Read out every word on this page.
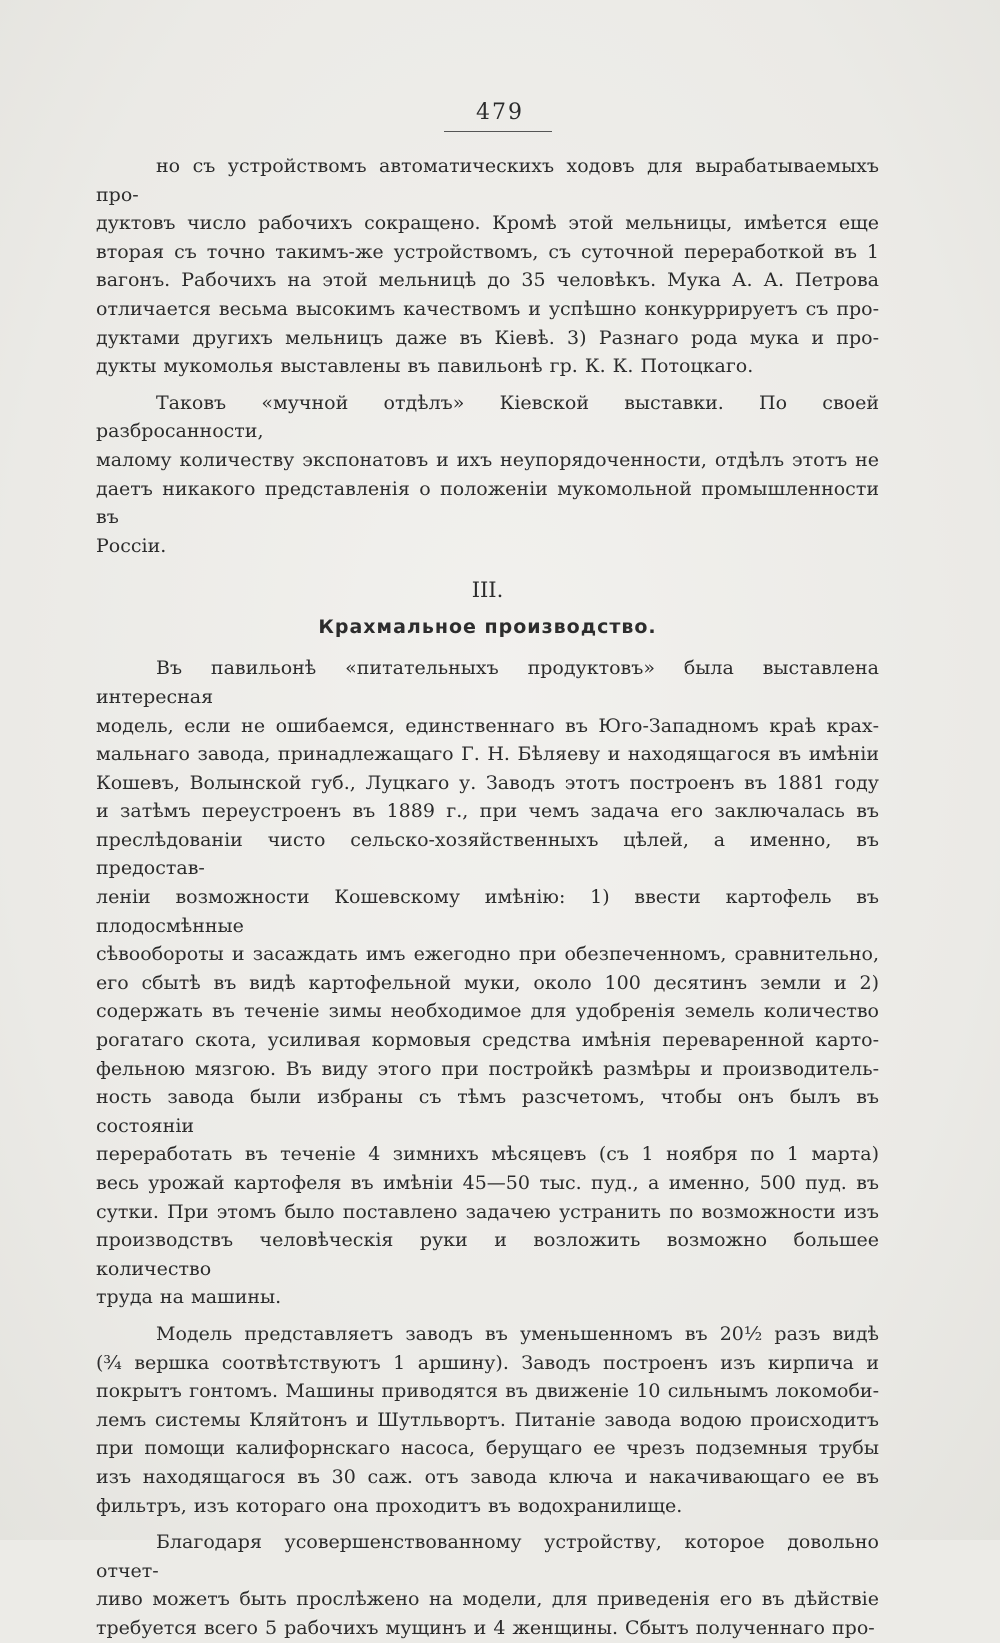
479

но съ устройствомъ автоматическихъ ходовъ для вырабатываемыхъ про-

дуктовъ число рабочихъ сокращено. Кромѣ этой мельницы, имѣется еще

вторая съ точно такимъ-же устройствомъ, съ суточной переработкой въ 1

вагонъ. Рабочихъ на этой мельницѣ до 35 человѣкъ. Мука А. А. Петрова

отличается весьма высокимъ качествомъ и успѣшно конкуррируетъ съ про-

дуктами другихъ мельницъ даже въ Кіевѣ. 3) Разнаго рода мука и про-

дукты мукомолья выставлены въ павильонѣ гр. К. К. Потоцкаго.

Таковъ «мучной отдѣлъ» Кіевской выставки. По своей разбросанности,

малому количеству экспонатовъ и ихъ неупорядоченности, отдѣлъ этотъ не

даетъ никакого представленія о положеніи мукомольной промышленности въ

Россіи.

III.
Крахмальное производство.

Въ павильонѣ «питательныхъ продуктовъ» была выставлена интересная

модель, если не ошибаемся, единственнаго въ Юго-Западномъ краѣ крах-

мальнаго завода, принадлежащаго Г. Н. Бѣляеву и находящагося въ имѣніи

Кошевъ, Волынской губ., Луцкаго у. Заводъ этотъ построенъ въ 1881 году

и затѣмъ переустроенъ въ 1889 г., при чемъ задача его заключалась въ

преслѣдованіи чисто сельско-хозяйственныхъ цѣлей, а именно, въ предостав-

леніи возможности Кошевскому имѣнію: 1) ввести картофель въ плодосмѣнные

сѣвообороты и засаждать имъ ежегодно при обезпеченномъ, сравнительно,

его сбытѣ въ видѣ картофельной муки, около 100 десятинъ земли и 2)

содержать въ теченіе зимы необходимое для удобренія земель количество

рогатаго скота, усиливая кормовыя средства имѣнія переваренной карто-

фельною мязгою. Въ виду этого при постройкѣ размѣры и производитель-

ность завода были избраны съ тѣмъ разсчетомъ, чтобы онъ былъ въ состояніи

переработать въ теченіе 4 зимнихъ мѣсяцевъ (съ 1 ноября по 1 марта)

весь урожай картофеля въ имѣніи 45—50 тыс. пуд., а именно, 500 пуд. въ

сутки. При этомъ было поставлено задачею устранить по возможности изъ

производствъ человѣческія руки и возложить возможно большее количество

труда на машины.

Модель представляетъ заводъ въ уменьшенномъ въ 20½ разъ видѣ

(¾ вершка соотвѣтствуютъ 1 аршину). Заводъ построенъ изъ кирпича и

покрытъ гонтомъ. Машины приводятся въ движеніе 10 сильнымъ локомоби-

лемъ системы Кляйтонъ и Шутльвортъ. Питаніе завода водою происходитъ

при помощи калифорнскаго насоса, берущаго ее чрезъ подземныя трубы

изъ находящагося въ 30 саж. отъ завода ключа и накачивающаго ее въ

фильтръ, изъ котораго она проходитъ въ водохранилище.

Благодаря усовершенствованному устройству, которое довольно отчет-

ливо можетъ быть прослѣжено на модели, для приведенія его въ дѣйствіе

требуется всего 5 рабочихъ мущинъ и 4 женщины. Сбытъ полученнаго про-
